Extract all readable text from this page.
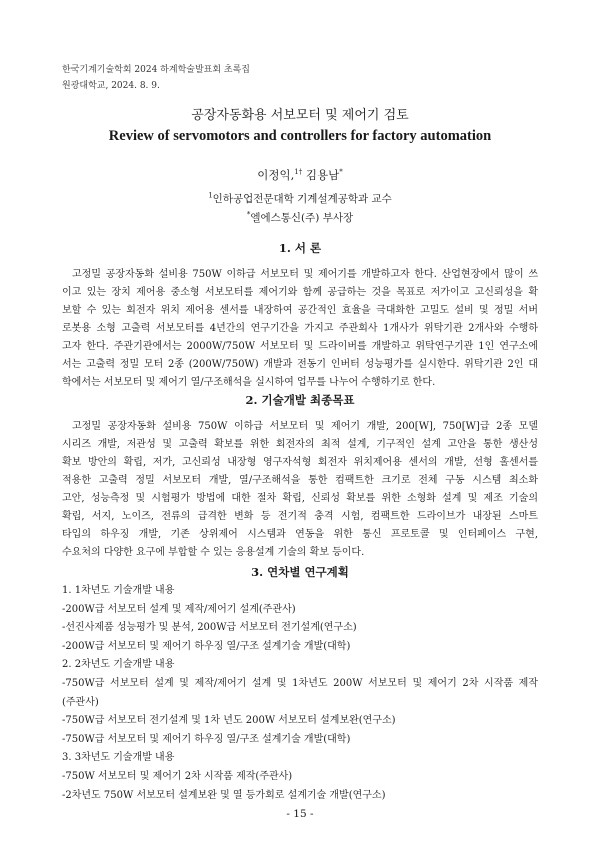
한국기계기술학회 2024 하계학술발표회 초록집
원광대학교, 2024. 8. 9.
공장자동화용 서보모터 및 제어기 검토
Review of servomotors and controllers for factory automation
이정익,$^{1\dagger}$ 김용남*
$^1$인하공업전문대학 기계설계공학과 교수
*엘에스통신(주) 부사장
1. 서 론
고정밀 공장자동화 설비용 750W 이하급 서보모터 및 제어기를 개발하고자 한다. 산업현장에서 많이 쓰
이고 있는 장치 제어용 중소형 서보모터를 제어기와 함께 공급하는 것을 목표로 저가이고 고신뢰성을 확
보할 수 있는 회전자 위치 제어용 센서를 내장하여 공간적인 효율을 극대화한 고밀도 설비 및 정밀 서버
로봇용 소형 고출력 서보모터를 4년간의 연구기간을 가지고 주관회사 1개사가 위탁기관 2개사와 수행하
고자 한다. 주관기관에서는 2000W/750W 서보모터 및 드라이버를 개발하고 위탁연구기관 1인 연구소에
서는 고출력 정밀 모터 2종 (200W/750W) 개발과 전동기 인버터 성능평가를 실시한다. 위탁기관 2인 대
학에서는 서보모터 및 제어기 열/구조해석을 실시하여 업무를 나누어 수행하기로 한다.
2. 기술개발 최종목표
고정밀 공장자동화 설비용 750W 이하급 서보모터 및 제어기 개발, 200[W], 750[W]급 2종 모델
시리즈 개발, 저관성 및 고출력 확보를 위한 회전자의 최적 설계, 기구적인 설계 고안을 통한 생산성
확보 방안의 확립, 저가, 고신뢰성 내장형 영구자석형 회전자 위치제어용 센서의 개발, 선형 홀센서를
적용한 고출력 정밀 서보모터 개발, 열/구조해석을 통한 컴팩트한 크기로 전체 구동 시스템 최소화
고안, 성능측정 및 시험평가 방법에 대한 절차 확립, 신뢰성 확보를 위한 소형화 설계 및 제조 기술의
확립, 서지, 노이즈, 전류의 급격한 변화 등 전기적 충격 시험, 컴팩트한 드라이브가 내장된 스마트
타입의 하우징 개발, 기존 상위제어 시스템과 연동을 위한 통신 프로토콜 및 인터페이스 구현,
수요처의 다양한 요구에 부합할 수 있는 응용설계 기술의 확보 등이다.
3. 연차별 연구계획
1. 1차년도 기술개발 내용
-200W급 서보모터 설계 및 제작/제어기 설계(주관사)
-선진사제품 성능평가 및 분석, 200W급 서보모터 전기설계(연구소)
-200W급 서보모터 및 제어기 하우징 열/구조 설계기술 개발(대학)
2. 2차년도 기술개발 내용
-750W급 서보모터 설계 및 제작/제어기 설계 및 1차년도 200W 서보모터 및 제어기 2차 시작품 제작
(주관사)
-750W급 서보모터 전기설계 및 1차 년도 200W 서보모터 설계보완(연구소)
-750W급 서보모터 및 제어기 하우징 열/구조 설계기술 개발(대학)
3. 3차년도 기술개발 내용
-750W 서보모터 및 제어기 2차 시작품 제작(주관사)
-2차년도 750W 서보모터 설계보완 및 열 등가회로 설계기술 개발(연구소)
- 15 -
